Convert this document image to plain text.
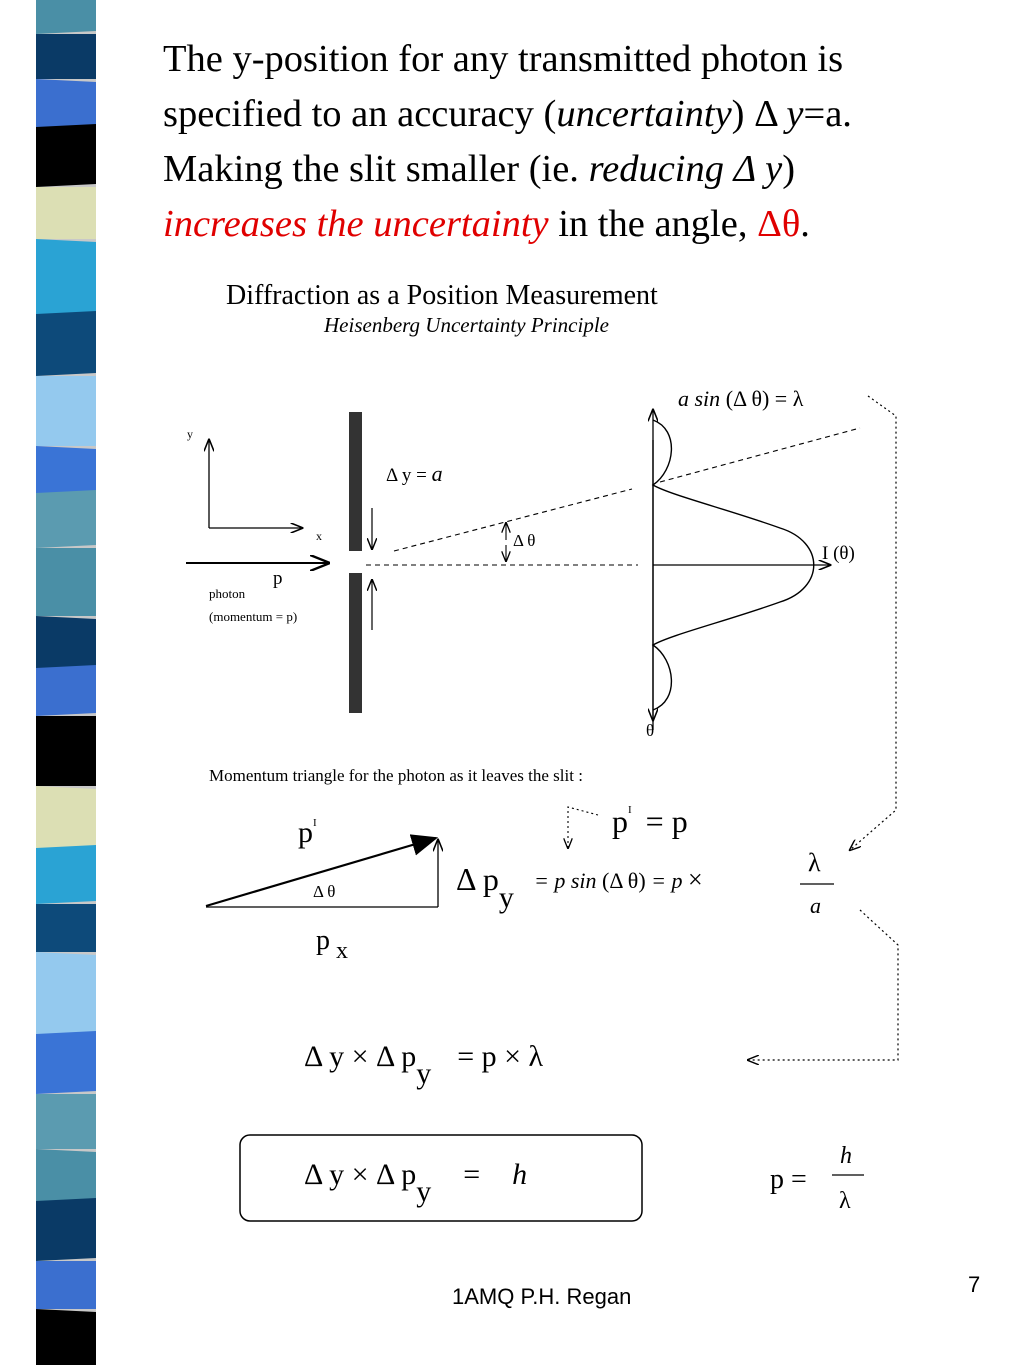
The y-position for any transmitted photon is

specified to an accuracy (uncertainty) Δ y=a.

Making the slit smaller (ie. reducing Δ y)

increases the uncertainty in the angle, Δθ.

Diffraction as a Position Measurement
Heisenberg Uncertainty Principle
y
x
p
photon
(momentum = p)
Δ y = a
Δ θ
I (θ)
θ
a sin (Δ θ) = λ
Momentum triangle for the photon as it leaves the slit :
$p^I$
Δ θ
p x
$p^I = p$
Δ py
= p sin (Δ θ) = p ×
λ
a
Δ y × Δ py= p × λ
Δ y × Δ py= h	p =
h
λ
1AMQ P.H. Regan	7
